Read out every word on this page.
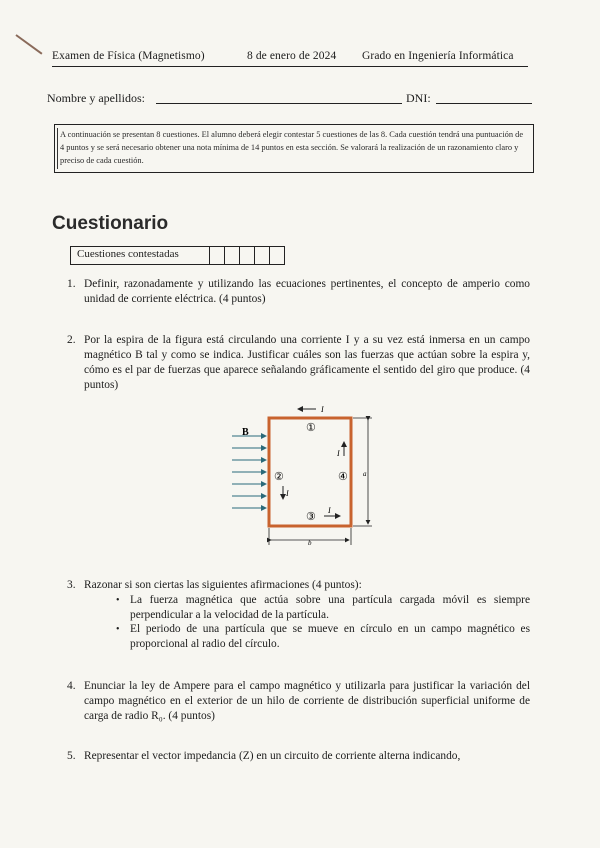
Examen de Física (Magnetismo)	8 de enero de 2024 Grado en Ingeniería Informática
Nombre y apellidos:	DNI:
A continuación se presentan 8 cuestiones. El alumno deberá elegir contestar 5 cuestiones de las 8. Cada cuestión tendrá una puntuación de 4 puntos y se será necesario obtener una nota mínima de 14 puntos en esta sección. Se valorará la realización de un razonamiento claro y preciso de cada cuestión.
Cuestionario
Cuestiones contestadas
1. Definir, razonadamente y utilizando las ecuaciones pertinentes, el concepto de amperio como unidad de corriente eléctrica. (4 puntos)
2. Por la espira de la figura está circulando una corriente I y a su vez está inmersa en un campo magnético B tal y como se indica. Justificar cuáles son las fuerzas que actúan sobre la espira y, cómo es el par de fuerzas que aparece señalando gráficamente el sentido del giro que produce. (4 puntos)
B
I
I
I
I
①
②
③
④ a
b
3. Razonar si son ciertas las siguientes afirmaciones (4 puntos):
• La fuerza magnética que actúa sobre una partícula cargada móvil es siempre perpendicular a la velocidad de la partícula.
• El periodo de una partícula que se mueve en círculo en un campo magnético es proporcional al radio del círculo.
4. Enunciar la ley de Ampere para el campo magnético y utilizarla para justificar la variación del campo magnético en el exterior de un hilo de corriente de distribución superficial uniforme de carga de radio R₀. (4 puntos)
5. Representar el vector impedancia (Z) en un circuito de corriente alterna indicando,
